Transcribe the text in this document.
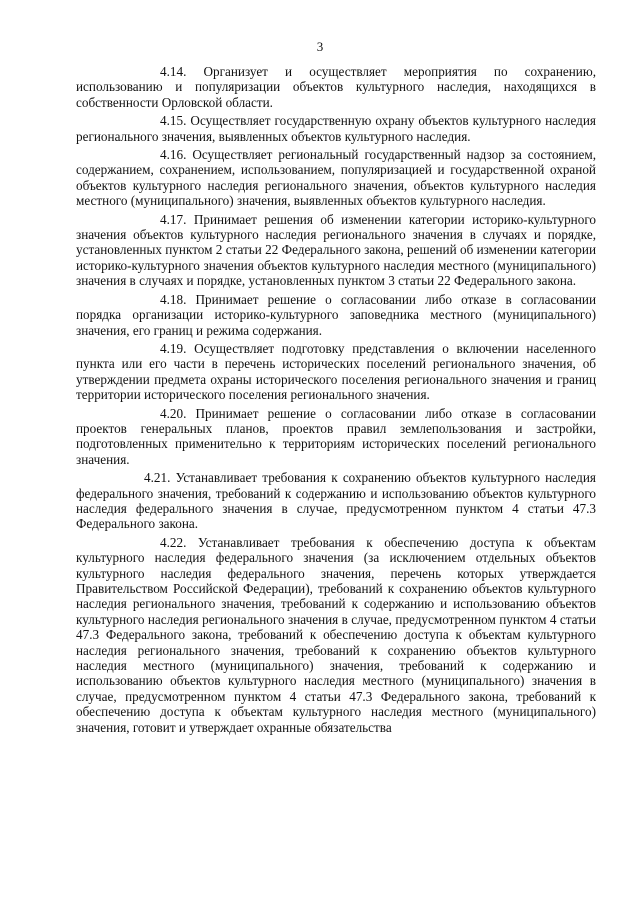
3

4.14. Организует и осуществляет мероприятия по сохранению, использованию и популяризации объектов культурного наследия, находящихся в собственности Орловской области.

4.15. Осуществляет государственную охрану объектов культурного наследия регионального значения, выявленных объектов культурного наследия.

4.16. Осуществляет региональный государственный надзор за состоянием, содержанием, сохранением, использованием, популяризацией и государственной охраной объектов культурного наследия регионального значения, объектов культурного наследия местного (муниципального) значения, выявленных объектов культурного наследия.

4.17. Принимает решения об изменении категории историко-культурного значения объектов культурного наследия регионального значения в случаях и порядке, установленных пунктом 2 статьи 22 Федерального закона, решений об изменении категории историко-культурного значения объектов культурного наследия местного (муниципального) значения в случаях и порядке, установленных пунктом 3 статьи 22 Федерального закона.

4.18. Принимает решение о согласовании либо отказе в согласовании порядка организации историко-культурного заповедника местного (муниципального) значения, его границ и режима содержания.

4.19. Осуществляет подготовку представления о включении населенного пункта или его части в перечень исторических поселений регионального значения, об утверждении предмета охраны исторического поселения регионального значения и границ территории исторического поселения регионального значения.

4.20. Принимает решение о согласовании либо отказе в согласовании проектов генеральных планов, проектов правил землепользования и застройки, подготовленных применительно к территориям исторических поселений регионального значения.

4.21. Устанавливает требования к сохранению объектов культурного наследия федерального значения, требований к содержанию и использованию объектов культурного наследия федерального значения в случае, предусмотренном пунктом 4 статьи 47.3 Федерального закона.

4.22. Устанавливает требования к обеспечению доступа к объектам культурного наследия федерального значения (за исключением отдельных объектов культурного наследия федерального значения, перечень которых утверждается Правительством Российской Федерации), требований к сохранению объектов культурного наследия регионального значения, требований к содержанию и использованию объектов культурного наследия регионального значения в случае, предусмотренном пунктом 4 статьи 47.3 Федерального закона, требований к обеспечению доступа к объектам культурного наследия регионального значения, требований к сохранению объектов культурного наследия местного (муниципального) значения, требований к содержанию и использованию объектов культурного наследия местного (муниципального) значения в случае, предусмотренном пунктом 4 статьи 47.3 Федерального закона, требований к обеспечению доступа к объектам культурного наследия местного (муниципального) значения, готовит и утверждает охранные обязательства
